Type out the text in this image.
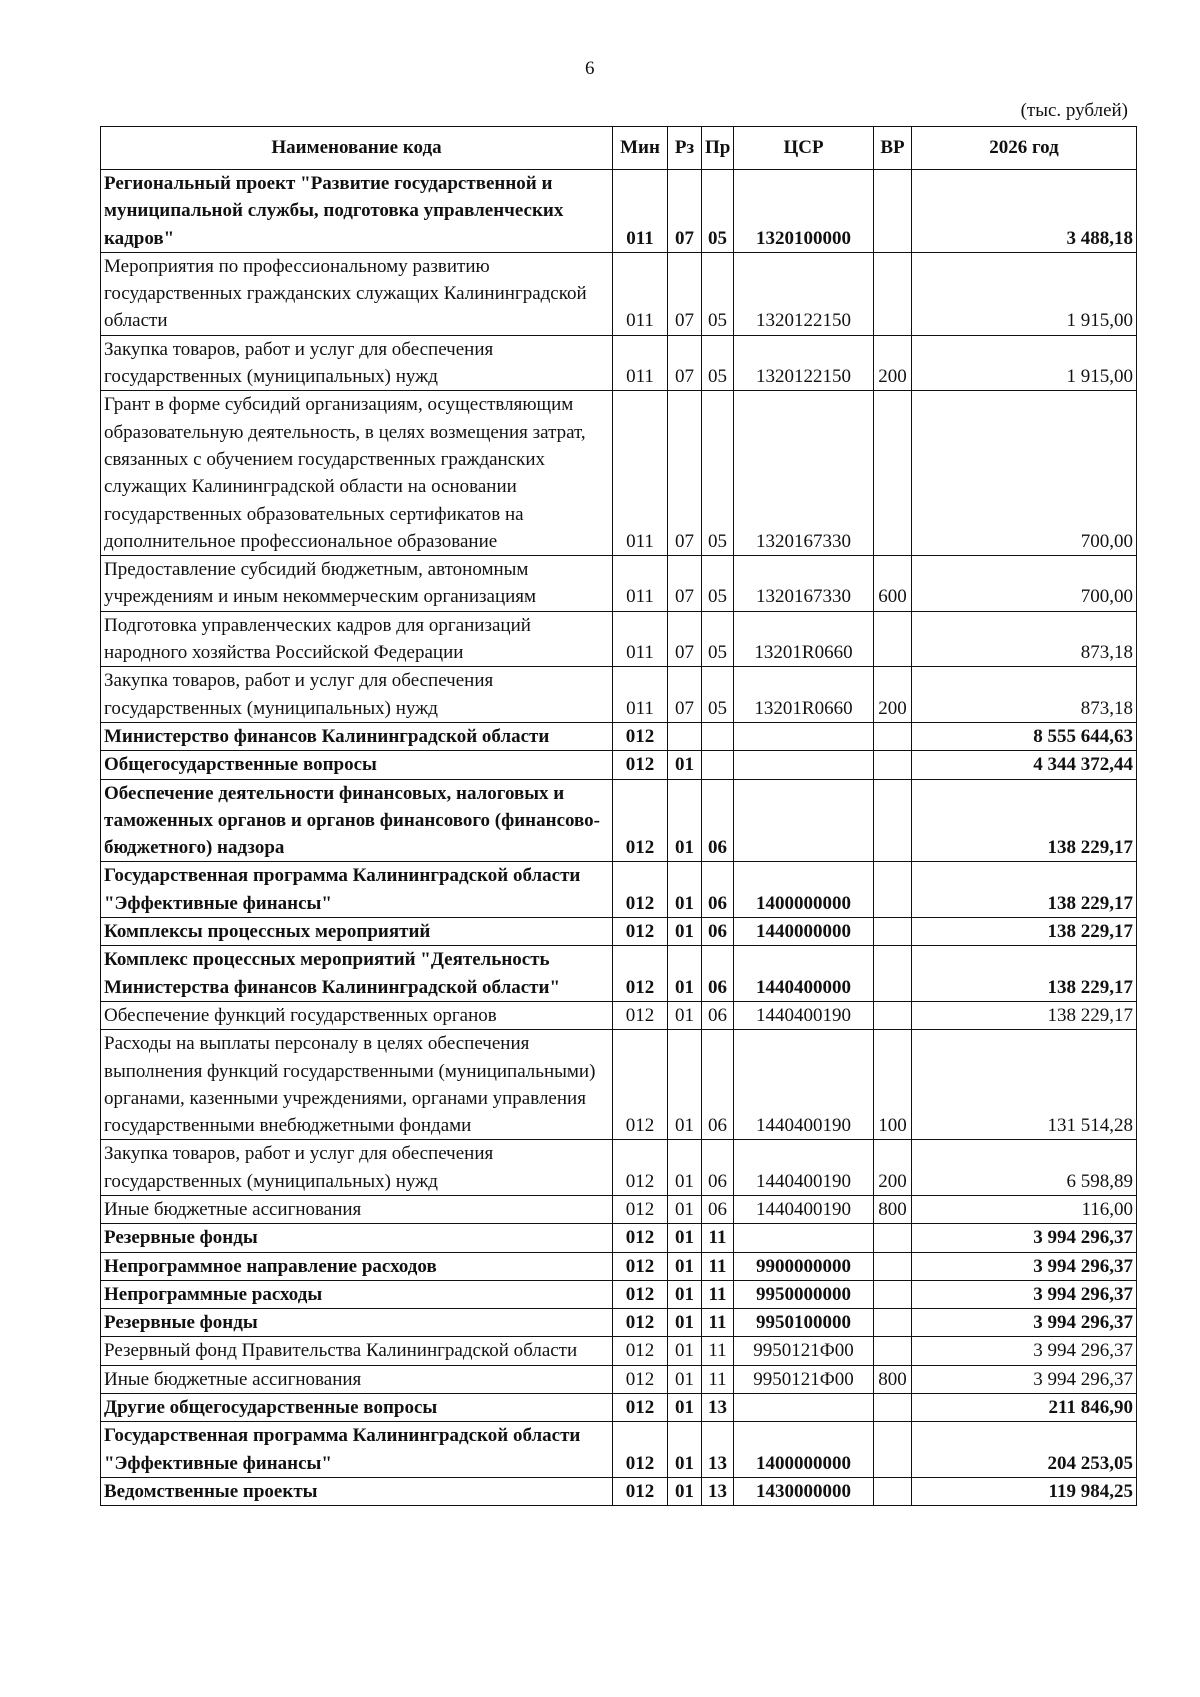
6
(тыс. рублей)
Наименование кода	Мин	Рз	Пр	ЦСР	ВР	2026 год
Региональный проект "Развитие государственной и муниципальной службы, подготовка управленческих кадров"	011	07	05	1320100000		3 488,18
Мероприятия по профессиональному развитию государственных гражданских служащих Калининградской области	011	07	05	1320122150		1 915,00
Закупка товаров, работ и услуг для обеспечения государственных (муниципальных) нужд	011	07	05	1320122150	200	1 915,00
Грант в форме субсидий организациям, осуществляющим образовательную деятельность, в целях возмещения затрат, связанных с обучением государственных гражданских служащих Калининградской области на основании государственных образовательных сертификатов на дополнительное профессиональное образование	011	07	05	1320167330		700,00
Предоставление субсидий бюджетным, автономным учреждениям и иным некоммерческим организациям	011	07	05	1320167330	600	700,00
Подготовка управленческих кадров для организаций народного хозяйства Российской Федерации	011	07	05	13201R0660		873,18
Закупка товаров, работ и услуг для обеспечения государственных (муниципальных) нужд	011	07	05	13201R0660	200	873,18
Министерство финансов Калининградской области	012					8 555 644,63
Общегосударственные вопросы	012	01				4 344 372,44
Обеспечение деятельности финансовых, налоговых и таможенных органов и органов финансового (финансово-бюджетного) надзора	012	01	06			138 229,17
Государственная программа Калининградской области "Эффективные финансы"	012	01	06	1400000000		138 229,17
Комплексы процессных мероприятий	012	01	06	1440000000		138 229,17
Комплекс процессных мероприятий "Деятельность Министерства финансов Калининградской области"	012	01	06	1440400000		138 229,17
Обеспечение функций государственных органов	012	01	06	1440400190		138 229,17
Расходы на выплаты персоналу в целях обеспечения выполнения функций государственными (муниципальными) органами, казенными учреждениями, органами управления государственными внебюджетными фондами	012	01	06	1440400190	100	131 514,28
Закупка товаров, работ и услуг для обеспечения государственных (муниципальных) нужд	012	01	06	1440400190	200	6 598,89
Иные бюджетные ассигнования	012	01	06	1440400190	800	116,00
Резервные фонды	012	01	11			3 994 296,37
Непрограммное направление расходов	012	01	11	9900000000		3 994 296,37
Непрограммные расходы	012	01	11	9950000000		3 994 296,37
Резервные фонды	012	01	11	9950100000		3 994 296,37
Резервный фонд Правительства Калининградской области	012	01	11	9950121Ф00		3 994 296,37
Иные бюджетные ассигнования	012	01	11	9950121Ф00	800	3 994 296,37
Другие общегосударственные вопросы	012	01	13			211 846,90
Государственная программа Калининградской области "Эффективные финансы"	012	01	13	1400000000		204 253,05
Ведомственные проекты	012	01	13	1430000000		119 984,25
